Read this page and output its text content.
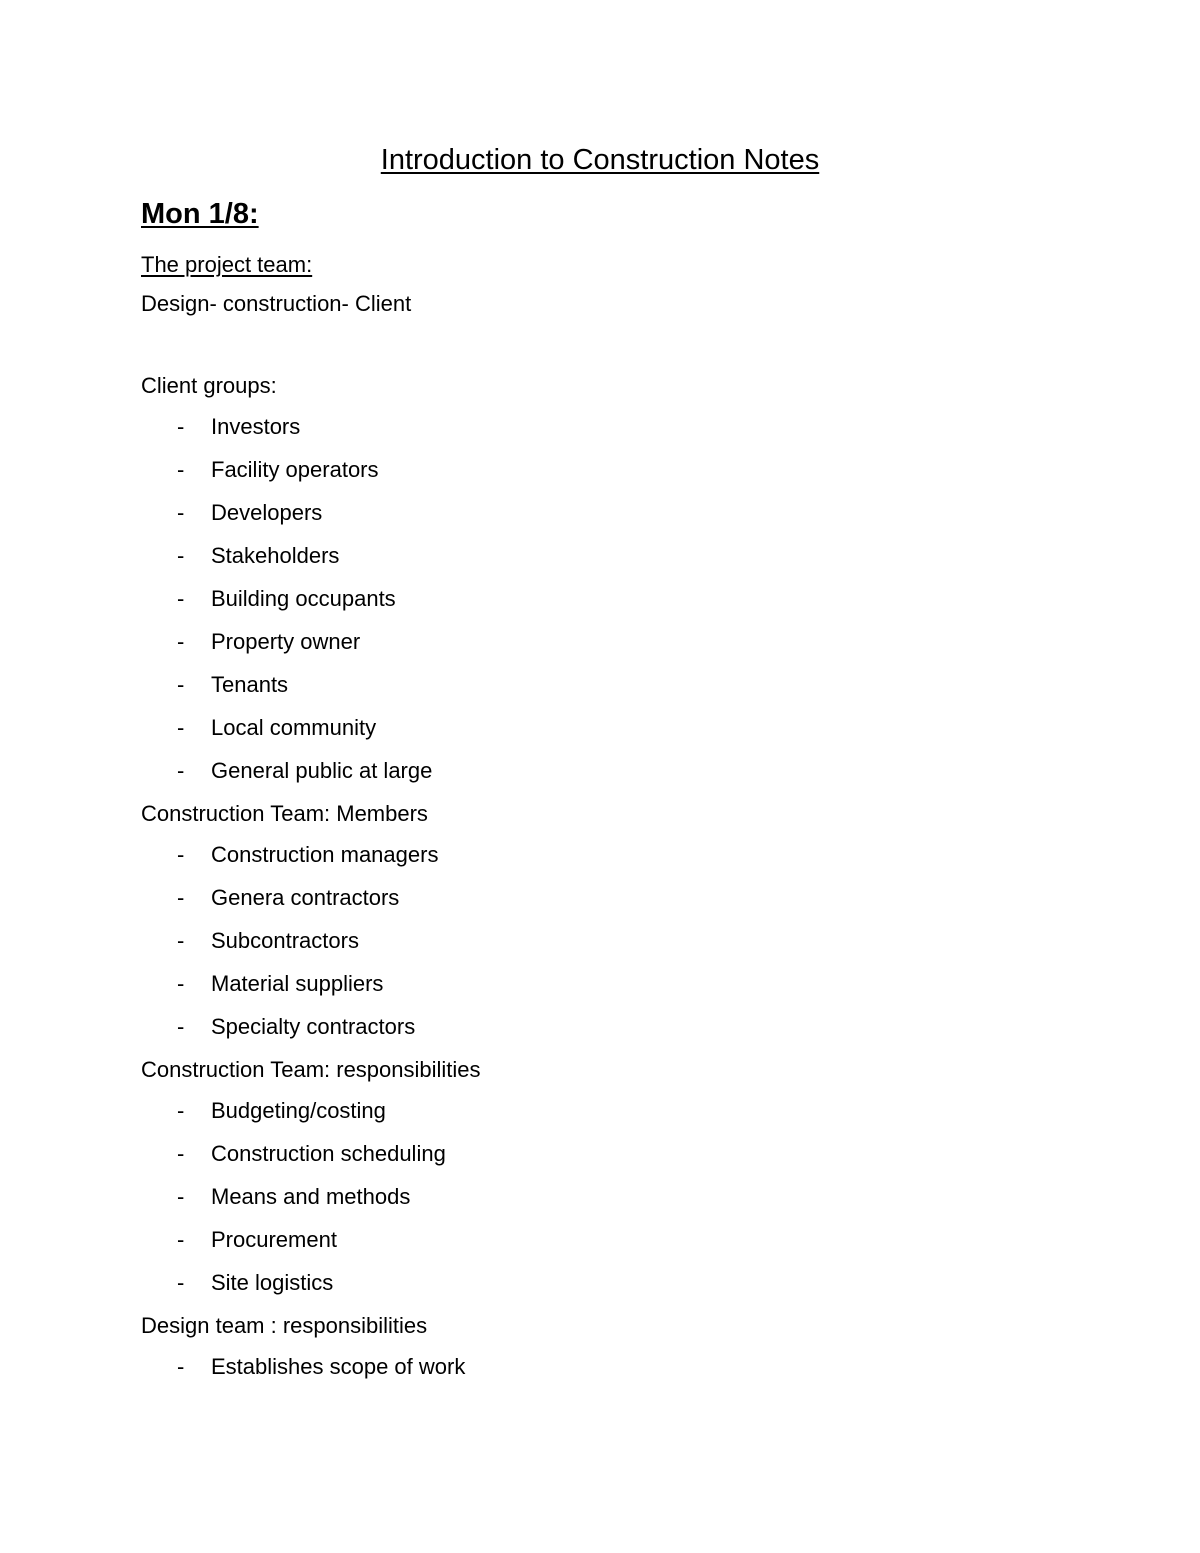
Introduction to Construction Notes
Mon 1/8:

The project team:

Design- construction- Client

Client groups:

- Investors
- Facility operators
- Developers
- Stakeholders
- Building occupants
- Property owner
- Tenants
- Local community
- General public at large

Construction Team: Members

- Construction managers
- Genera contractors
- Subcontractors
- Material suppliers
- Specialty contractors

Construction Team: responsibilities

- Budgeting/costing
- Construction scheduling
- Means and methods
- Procurement
- Site logistics

Design team : responsibilities

- Establishes scope of work
